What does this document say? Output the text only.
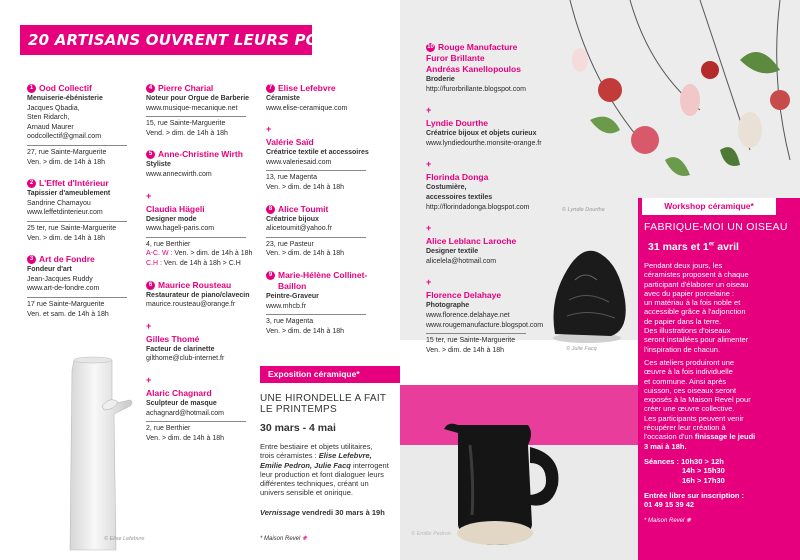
20 ARTISANS OUVRENT LEURS PORTES :
1 Ood Collectif
Menuiserie-ébénisterie
Jacques Qbadia,
Sten Ridarch,
Arnaud Maurer
oodcollectif@gmail.com
27, rue Sainte-Marguerite
Ven. > dim. de 14h à 18h
2 L'Effet d'Intérieur
Tapissier d'ameublement
Sandrine Chamayou
www.leffetdinterieur.com
25 ter, rue Sainte-Marguerite
Ven. > dim. de 14h à 18h
3 Art de Fondre
Fondeur d'art
Jean-Jacques Ruddy
www.art-de-fondre.com
17 rue Sainte-Marguerite
Ven. et sam. de 14h à 18h
4 Pierre Charial
Noteur pour Orgue de Barberie
www.musique-mecanique.net
15, rue Sainte-Marguerite
Vend. > dim. de 14h à 18h
5 Anne-Christine Wirth
Styliste
www.annecwirth.com
+
Claudia Hägeli
Designer mode
www.hageli-paris.com
4, rue Berthier
A-C. W : Ven. > dim. de 14h à 18h
C.H : Ven. de 14h à 18h > C.H
6 Maurice Rousteau
Restaurateur de piano/clavecin
maurice.rousteau@orange.fr
+
Gilles Thomé
Facteur de clarinette
gilthome@club-internet.fr
+
Alaric Chagnard
Sculpteur de masque
achagnard@hotmail.com
2, rue Berthier
Ven. > dim. de 14h à 18h
7 Elise Lefebvre
Céramiste
www.elise-ceramique.com
+
Valérie Saïd
Créatrice textile et accessoires
www.valeriesaid.com
13, rue Magenta
Ven. > dim. de 14h à 18h
8 Alice Toumit
Créatrice bijoux
alicetoumit@yahoo.fr
23, rue Pasteur
Ven. > dim. de 14h à 18h
9 Marie-Hélène Collinet-Baillon
Peintre-Graveur
www.mhcb.fr
3, rue Magenta
Ven. > dim. de 14h à 18h
10 Rouge Manufacture
Furor Brillante
Andréas Kanellopoulos
Broderie
http://furorbrillante.blogspot.com
+
Lyndie Dourthe
Créatrice bijoux et objets curieux
www.lyndiedourthe.monsite-orange.fr
+
Florinda Donga
Costumière,
accessoires textiles
http://florindadonga.blogspot.com
+
Alice Leblanc Laroche
Designer textile
alicelela@hotmail.com
+
Florence Delahaye
Photographe
www.florence.delahaye.net
www.rougemanufacture.blogspot.com
15 ter, rue Sainte-Marguerite
Ven. > dim. de 14h à 18h
© Elise Lefebvre
UNE HIRONDELLE A FAIT
LE PRINTEMPS
30 mars - 4 mai
Entre bestiaire et objets utilitaires,
trois céramistes : Elise Lefebvre,
Emilie Pedron, Julie Facq interrogent
leur production et font dialoguer leurs
différentes techniques, créant un
univers sensible et onirique.
Vernissage vendredi 30 mars à 19h
* Maison Revel ❋
Exposition céramique*
© Emilie Pedron
© Julie Facq
© Lyndie Dourthe
FABRIQUE-MOI UN OISEAU
31 mars et 1er avril
Pendant deux jours, les
céramistes proposent à chaque
participant d'élaborer un oiseau
avec du papier porcelaine :
un matériau à la fois noble et
accessible grâce à l'adjonction
de papier dans la terre.
Des illustrations d'oiseaux
seront installées pour alimenter
l'inspiration de chacun.
Ces ateliers produiront une
œuvre à la fois individuelle
et commune. Ainsi après
cuisson, ces oiseaux seront
exposés à la Maison Revel pour
créer une œuvre collective.
Les participants peuvent venir
récupérer leur création à
l'occasion d'un finissage le jeudi
3 mai à 18h.
Séances : 10h30 > 12h
14h > 15h30
16h > 17h30
Entrée libre sur inscription :
01 49 15 39 42
* Maison Revel ❋
Workshop céramique*
